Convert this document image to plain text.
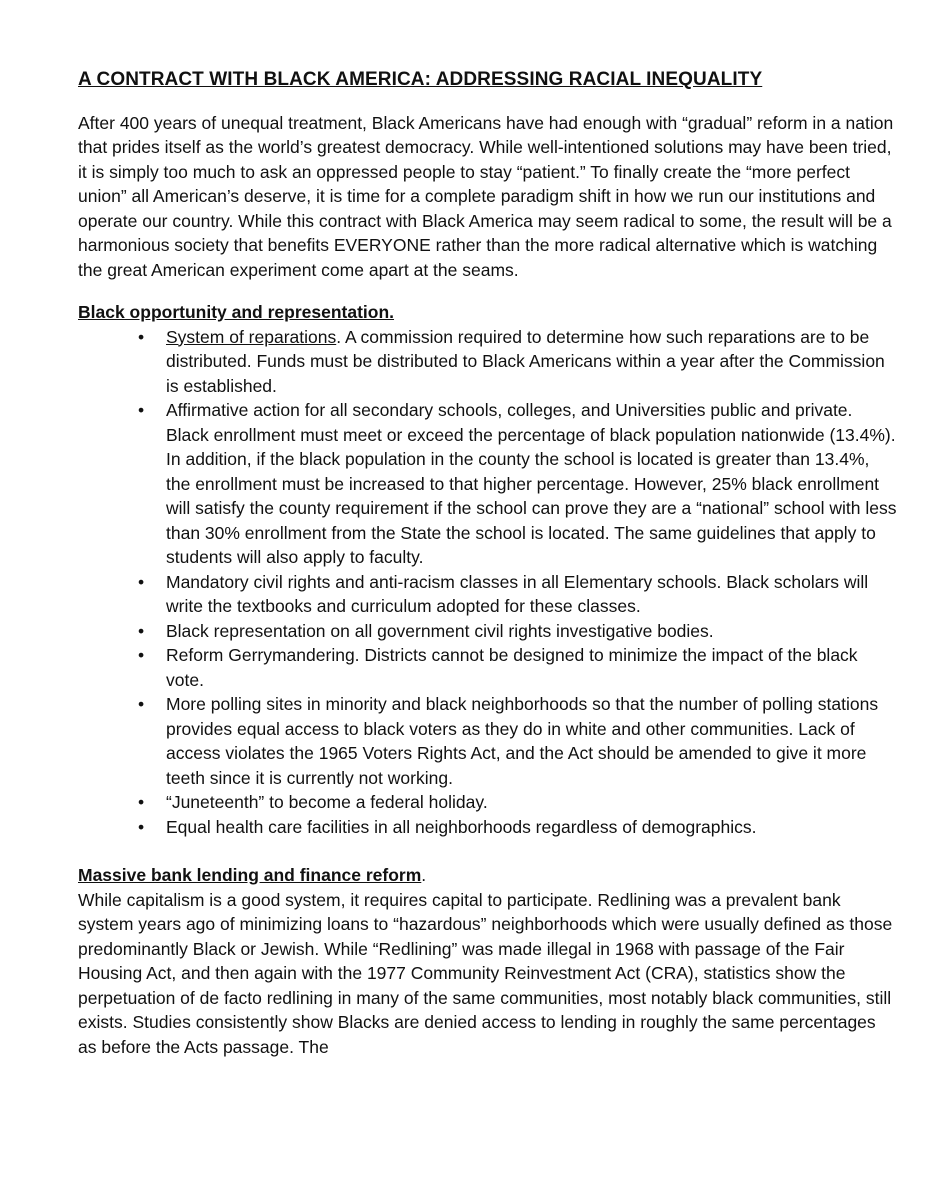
A CONTRACT WITH BLACK AMERICA: ADDRESSING RACIAL INEQUALITY

After 400 years of unequal treatment, Black Americans have had enough with “gradual” reform in a nation that prides itself as the world’s greatest democracy. While well-intentioned solutions may have been tried, it is simply too much to ask an oppressed people to stay “patient.” To finally create the “more perfect union” all American’s deserve, it is time for a complete paradigm shift in how we run our institutions and operate our country. While this contract with Black America may seem radical to some, the result will be a harmonious society that benefits EVERYONE rather than the more radical alternative which is watching the great American experiment come apart at the seams.

Black opportunity and representation.

• System of reparations. A commission required to determine how such reparations are to be distributed. Funds must be distributed to Black Americans within a year after the Commission is established.
• Affirmative action for all secondary schools, colleges, and Universities public and private. Black enrollment must meet or exceed the percentage of black population nationwide (13.4%). In addition, if the black population in the county the school is located is greater than 13.4%, the enrollment must be increased to that higher percentage. However, 25% black enrollment will satisfy the county requirement if the school can prove they are a “national” school with less than 30% enrollment from the State the school is located. The same guidelines that apply to students will also apply to faculty.
• Mandatory civil rights and anti-racism classes in all Elementary schools. Black scholars will write the textbooks and curriculum adopted for these classes.
• Black representation on all government civil rights investigative bodies.
• Reform Gerrymandering. Districts cannot be designed to minimize the impact of the black vote.
• More polling sites in minority and black neighborhoods so that the number of polling stations provides equal access to black voters as they do in white and other communities. Lack of access violates the 1965 Voters Rights Act, and the Act should be amended to give it more teeth since it is currently not working.
• “Juneteenth” to become a federal holiday.
• Equal health care facilities in all neighborhoods regardless of demographics.

Massive bank lending and finance reform.

While capitalism is a good system, it requires capital to participate. Redlining was a prevalent bank system years ago of minimizing loans to “hazardous” neighborhoods which were usually defined as those predominantly Black or Jewish. While “Redlining” was made illegal in 1968 with passage of the Fair Housing Act, and then again with the 1977 Community Reinvestment Act (CRA), statistics show the perpetuation of de facto redlining in many of the same communities, most notably black communities, still exists. Studies consistently show Blacks are denied access to lending in roughly the same percentages as before the Acts passage. The
